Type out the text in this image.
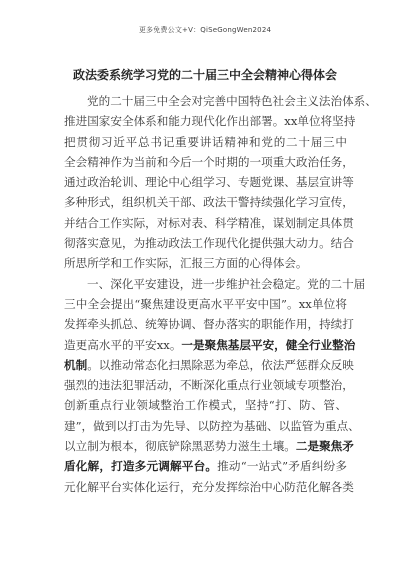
更多免费公文+V：QiSeGongWen2024
政法委系统学习党的二十届三中全会精神心得体会
党的二十届三中全会对完善中国特色社会主义法治体系、
推进国家安全体系和能力现代化作出部署。xx单位将坚持
把贯彻习近平总书记重要讲话精神和党的二十届三中
全会精神作为当前和今后一个时期的一项重大政治任务，
通过政治轮训、理论中心组学习、专题党课、基层宣讲等
多种形式，组织机关干部、政法干警持续强化学习宣传，
并结合工作实际，对标对表、科学精准，谋划制定具体贯
彻落实意见，为推动政法工作现代化提供强大动力。结合
所思所学和工作实际，汇报三方面的心得体会。
一、深化平安建设，进一步维护社会稳定。党的二十届
三中全会提出“聚焦建设更高水平平安中国”。xx单位将
发挥牵头抓总、统筹协调、督办落实的职能作用，持续打
造更高水平的平安xx。一是聚焦基层平安，健全行业整治
机制。以推动常态化扫黑除恶为牵总，依法严惩群众反映
强烈的违法犯罪活动，不断深化重点行业领域专项整治，
创新重点行业领域整治工作模式，坚持“打、防、管、
建”，做到以打击为先导、以防控为基础、以监管为重点、
以立制为根本，彻底铲除黑恶势力滋生土壤。二是聚焦矛
盾化解，打造多元调解平台。推动“一站式”矛盾纠纷多
元化解平台实体化运行，充分发挥综治中心防范化解各类
